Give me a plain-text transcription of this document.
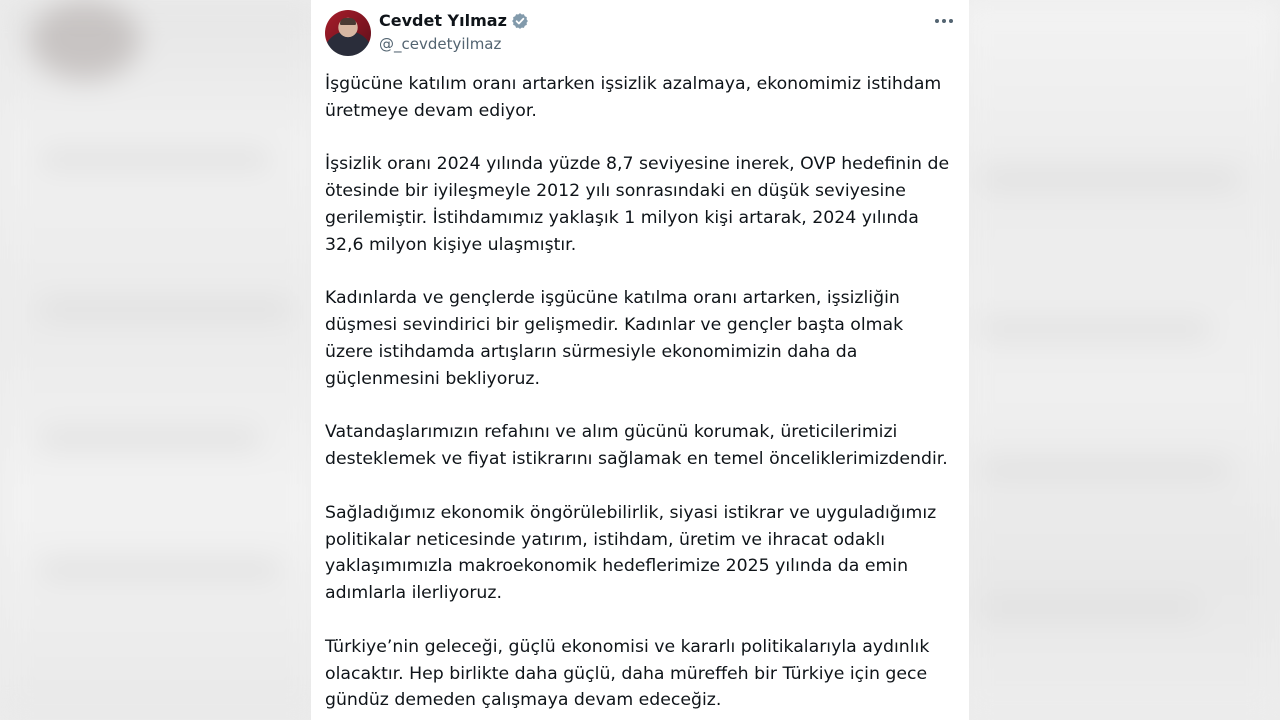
Cevdet Yılmaz
@_cevdetyilmaz

İşgücüne katılım oranı artarken işsizlik azalmaya, ekonomimiz istihdam üretmeye devam ediyor.

İşsizlik oranı 2024 yılında yüzde 8,7 seviyesine inerek, OVP hedefinin de ötesinde bir iyileşmeyle 2012 yılı sonrasındaki en düşük seviyesine gerilemiştir. İstihdamımız yaklaşık 1 milyon kişi artarak, 2024 yılında 32,6 milyon kişiye ulaşmıştır.

Kadınlarda ve gençlerde işgücüne katılma oranı artarken, işsizliğin düşmesi sevindirici bir gelişmedir. Kadınlar ve gençler başta olmak üzere istihdamda artışların sürmesiyle ekonomimizin daha da güçlenmesini bekliyoruz.

Vatandaşlarımızın refahını ve alım gücünü korumak, üreticilerimizi desteklemek ve fiyat istikrarını sağlamak en temel önceliklerimizdendir.

Sağladığımız ekonomik öngörülebilirlik, siyasi istikrar ve uyguladığımız politikalar neticesinde yatırım, istihdam, üretim ve ihracat odaklı yaklaşımımızla makroekonomik hedeflerimize 2025 yılında da emin adımlarla ilerliyoruz.

Türkiye’nin geleceği, güçlü ekonomisi ve kararlı politikalarıyla aydınlık olacaktır. Hep birlikte daha güçlü, daha müreffeh bir Türkiye için gece gündüz demeden çalışmaya devam edeceğiz.
